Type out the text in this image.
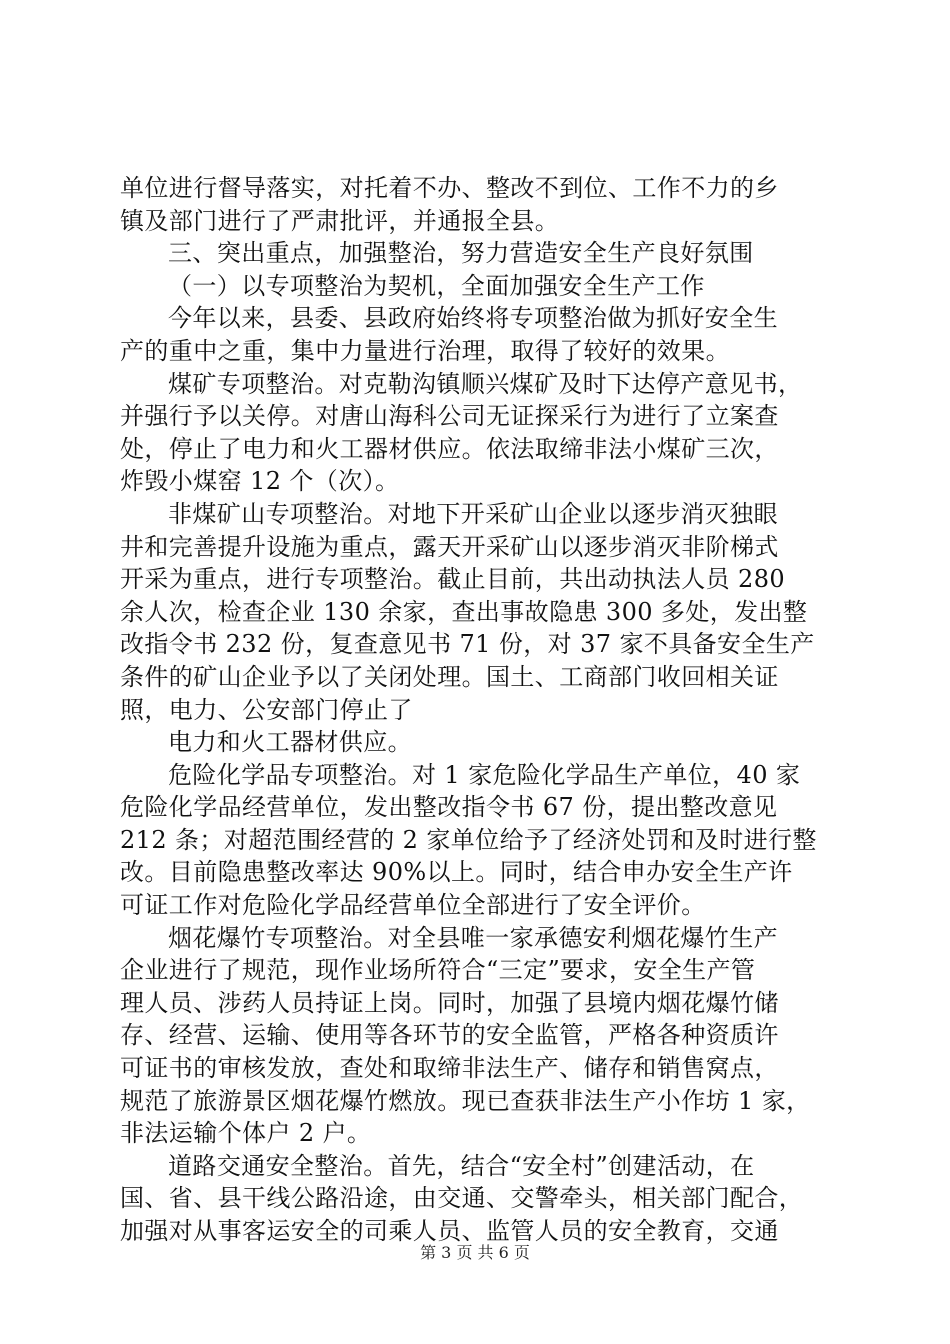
单位进行督导落实，对托着不办、整改不到位、工作不力的乡
镇及部门进行了严肃批评，并通报全县。
三、突出重点，加强整治，努力营造安全生产良好氛围
（一）以专项整治为契机，全面加强安全生产工作
今年以来，县委、县政府始终将专项整治做为抓好安全生
产的重中之重，集中力量进行治理，取得了较好的效果。
煤矿专项整治。对克勒沟镇顺兴煤矿及时下达停产意见书，
并强行予以关停。对唐山海科公司无证探采行为进行了立案查
处，停止了电力和火工器材供应。依法取缔非法小煤矿三次，
炸毁小煤窑 12 个（次）。
非煤矿山专项整治。对地下开采矿山企业以逐步消灭独眼
井和完善提升设施为重点，露天开采矿山以逐步消灭非阶梯式
开采为重点，进行专项整治。截止目前，共出动执法人员 280
余人次，检查企业 130 余家，查出事故隐患 300 多处，发出整
改指令书 232 份，复查意见书 71 份，对 37 家不具备安全生产
条件的矿山企业予以了关闭处理。国土、工商部门收回相关证
照，电力、公安部门停止了
电力和火工器材供应。
危险化学品专项整治。对 1 家危险化学品生产单位，40 家
危险化学品经营单位，发出整改指令书 67 份，提出整改意见
212 条；对超范围经营的 2 家单位给予了经济处罚和及时进行整
改。目前隐患整改率达 90%以上。同时，结合申办安全生产许
可证工作对危险化学品经营单位全部进行了安全评价。
烟花爆竹专项整治。对全县唯一家承德安利烟花爆竹生产
企业进行了规范，现作业场所符合“三定”要求，安全生产管
理人员、涉药人员持证上岗。同时，加强了县境内烟花爆竹储
存、经营、运输、使用等各环节的安全监管，严格各种资质许
可证书的审核发放，查处和取缔非法生产、储存和销售窝点，
规范了旅游景区烟花爆竹燃放。现已查获非法生产小作坊 1 家，
非法运输个体户 2 户。
道路交通安全整治。首先，结合“安全村”创建活动，在
国、省、县干线公路沿途，由交通、交警牵头，相关部门配合，
加强对从事客运安全的司乘人员、监管人员的安全教育，交通
第 3 页 共 6 页
